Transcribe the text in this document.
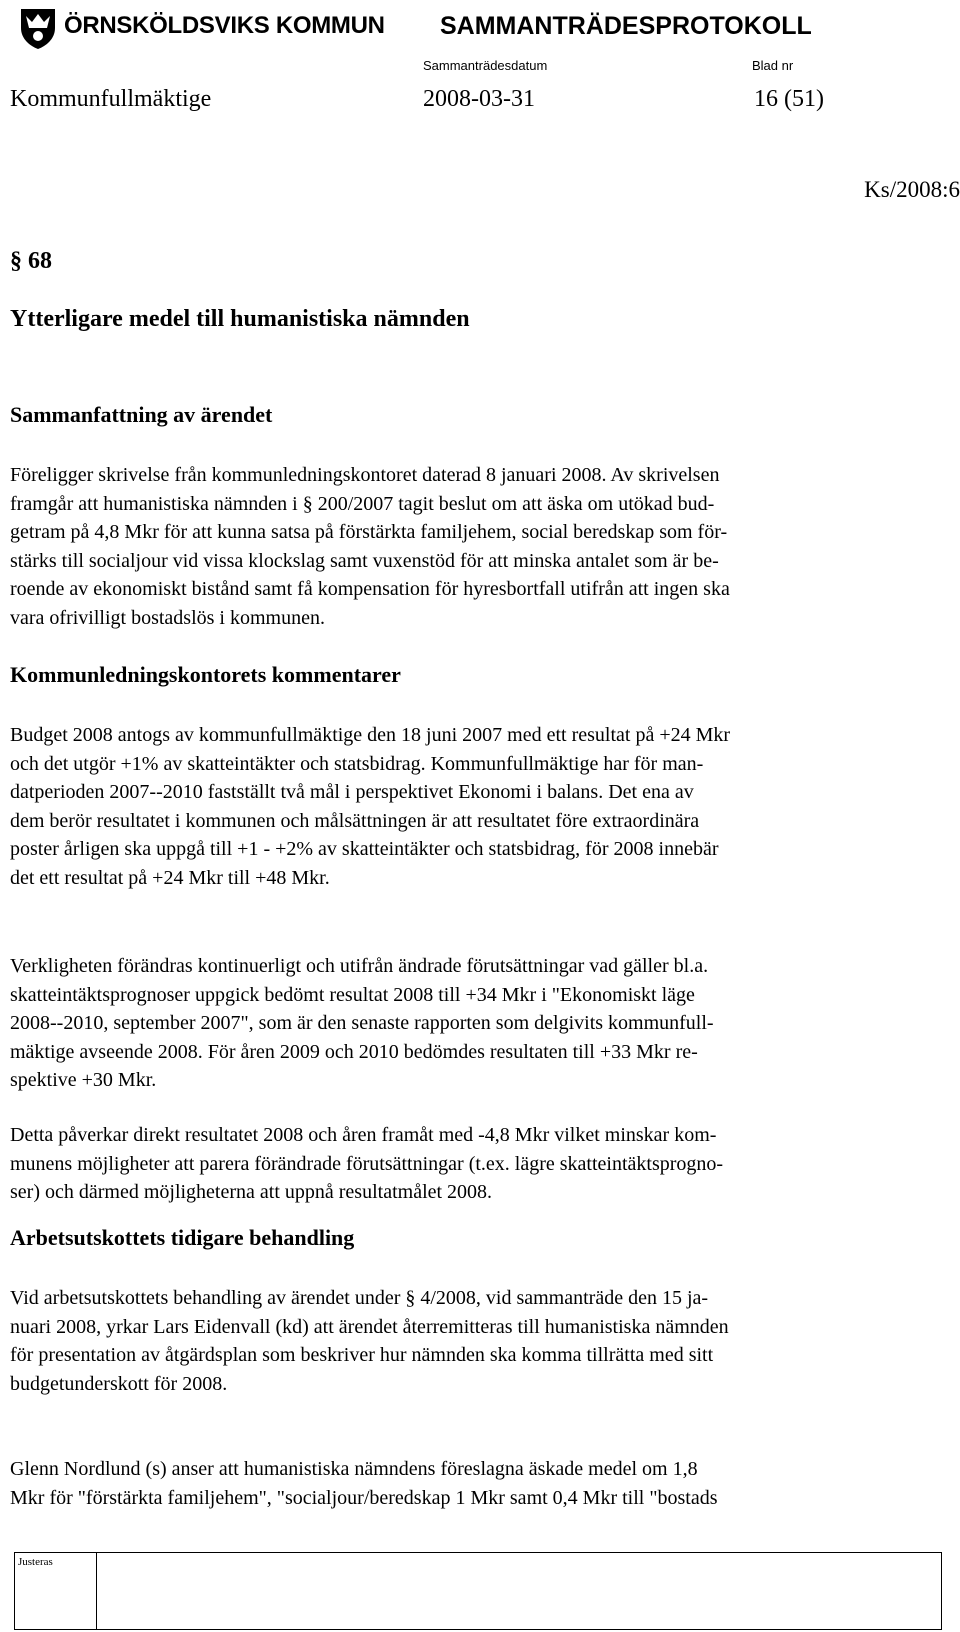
ÖRNSKÖLDSVIKS KOMMUN SAMMANTRÄDESPROTOKOLL
Sammanträdesdatum	Blad nr
Kommunfullmäktige	2008-03-31	16 (51)
Ks/2008:6
§ 68
Ytterligare medel till humanistiska nämnden
Sammanfattning av ärendet
Föreligger skrivelse från kommunledningskontoret daterad 8 januari 2008. Av skrivelsen
framgår att humanistiska nämnden i § 200/2007 tagit beslut om att äska om utökad bud-
getram på 4,8 Mkr för att kunna satsa på förstärkta familjehem, social beredskap som för-
stärks till socialjour vid vissa klockslag samt vuxenstöd för att minska antalet som är be-
roende av ekonomiskt bistånd samt få kompensation för hyresbortfall utifrån att ingen ska
vara ofrivilligt bostadslös i kommunen.
Kommunledningskontorets kommentarer
Budget 2008 antogs av kommunfullmäktige den 18 juni 2007 med ett resultat på +24 Mkr
och det utgör +1% av skatteintäkter och statsbidrag. Kommunfullmäktige har för man-
datperioden 2007--2010 fastställt två mål i perspektivet Ekonomi i balans. Det ena av
dem berör resultatet i kommunen och målsättningen är att resultatet före extraordinära
poster årligen ska uppgå till +1 - +2% av skatteintäkter och statsbidrag, för 2008 innebär
det ett resultat på +24 Mkr till +48 Mkr.
Verkligheten förändras kontinuerligt och utifrån ändrade förutsättningar vad gäller bl.a.
skatteintäktsprognoser uppgick bedömt resultat 2008 till +34 Mkr i "Ekonomiskt läge
2008--2010, september 2007", som är den senaste rapporten som delgivits kommunfull-
mäktige avseende 2008. För åren 2009 och 2010 bedömdes resultaten till +33 Mkr re-
spektive +30 Mkr.
Detta påverkar direkt resultatet 2008 och åren framåt med -4,8 Mkr vilket minskar kom-
munens möjligheter att parera förändrade förutsättningar (t.ex. lägre skatteintäktsprogno-
ser) och därmed möjligheterna att uppnå resultatmålet 2008.
Arbetsutskottets tidigare behandling
Vid arbetsutskottets behandling av ärendet under § 4/2008, vid sammanträde den 15 ja-
nuari 2008, yrkar Lars Eidenvall (kd) att ärendet återremitteras till humanistiska nämnden
för presentation av åtgärdsplan som beskriver hur nämnden ska komma tillrätta med sitt
budgetunderskott för 2008.
Glenn Nordlund (s) anser att humanistiska nämndens föreslagna äskade medel om 1,8
Mkr för "förstärkta familjehem", "socialjour/beredskap 1 Mkr samt 0,4 Mkr till "bostads
Justeras
